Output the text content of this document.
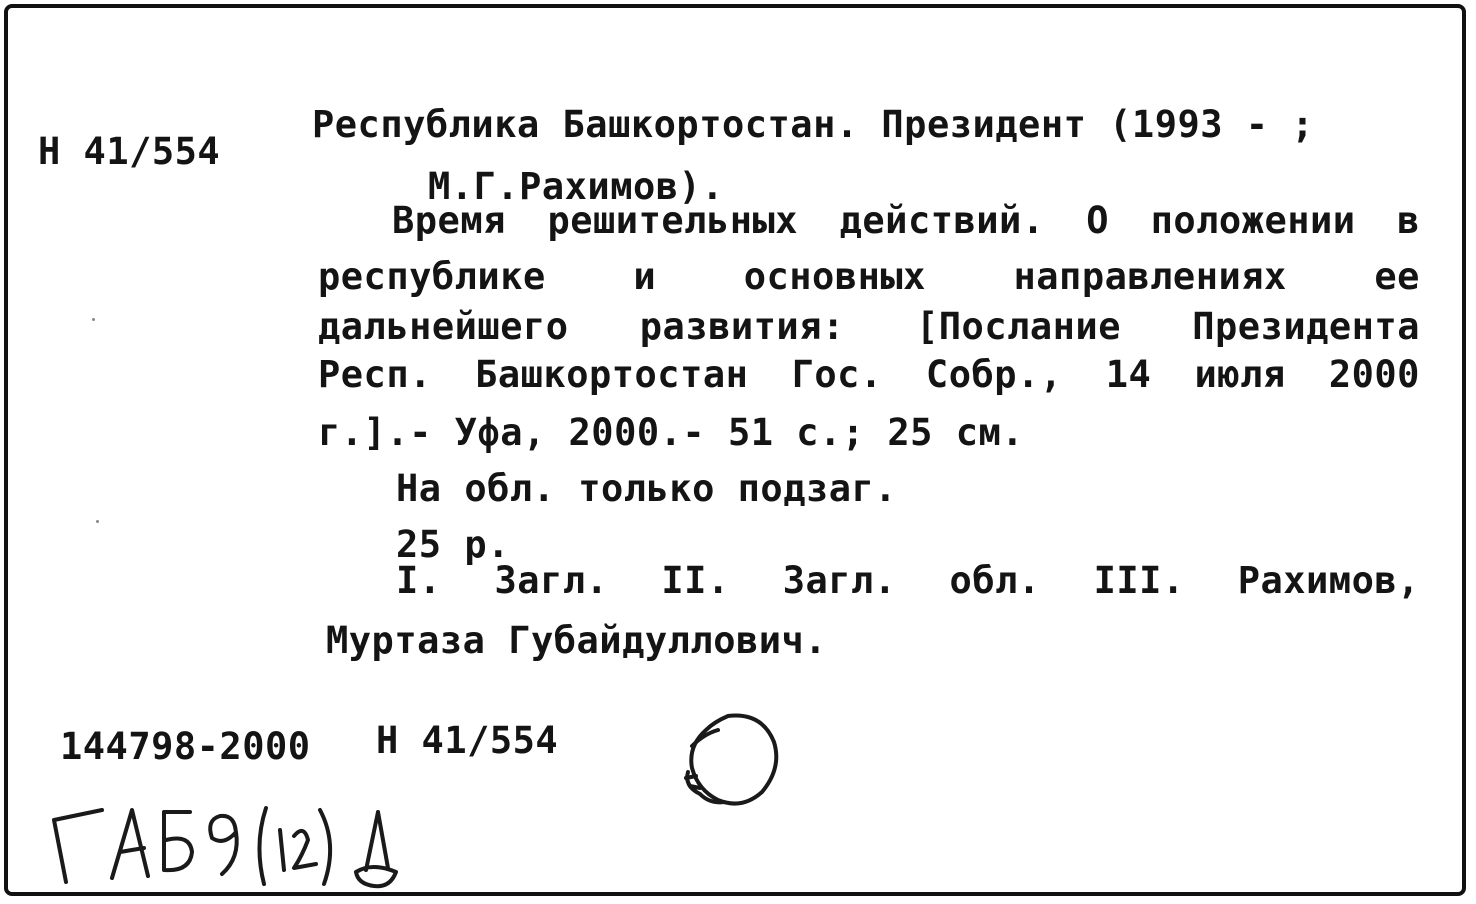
Н 41/554

Республика Башкортостан. Президент (1993 - ;

М.Г.Рахимов).

Время решительных действий. О положении в
республике и основных направлениях ее
дальнейшего развития: [Послание Президента
Респ. Башкортостан Гос. Собр., 14 июля 2000

г.].- Уфа, 2000.- 51 с.; 25 см.

На обл. только подзаг.

25 р.

I. Загл. II. Загл. обл. III. Рахимов,

Муртаза Губайдуллович.

144798-2000 Н 41/554
